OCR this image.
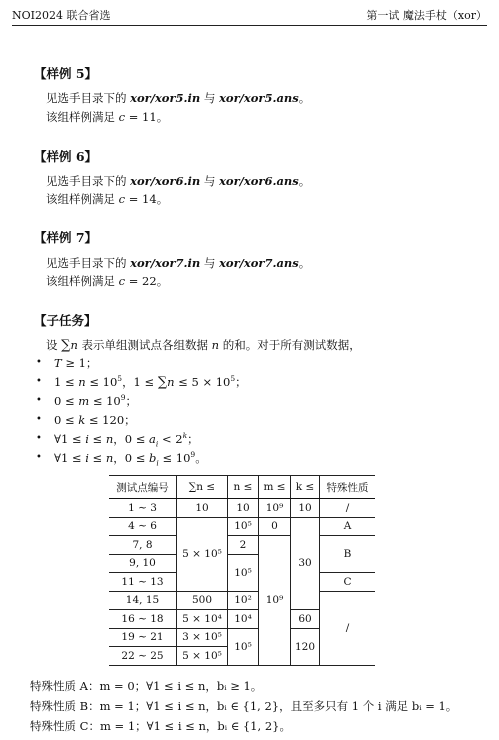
NOI2024 联合省选	第一试 魔法手杖（xor）
【样例 5】
见选手目录下的 xor/xor5.in 与 xor/xor5.ans。
该组样例满足 c = 11。
【样例 6】
见选手目录下的 xor/xor6.in 与 xor/xor6.ans。
该组样例满足 c = 14。
【样例 7】
见选手目录下的 xor/xor7.in 与 xor/xor7.ans。
该组样例满足 c = 22。
【子任务】
设 ∑n 表示单组测试点各组数据 n 的和。对于所有测试数据，
• T ≥ 1；
• $1 \le n \le 10^5$，$1 \le \sum n \le 5 \times 10^5$；
• $0 \le m \le 10^9$；
• 0 ≤ k ≤ 120；
• ∀1 ≤ i ≤ n，$0 \le a_i < 2^k$；
• ∀1 ≤ i ≤ n，$0 \le b_i \le 10^9$。
测试点编号	∑n ≤	n ≤	m ≤	k ≤	特殊性质
1 ∼ 3	10	10	10⁹	10	/
4 ∼ 6	5 × 10⁵	10⁵	0	30	A
7, 8		2	10⁹		B
9, 10		10⁵			
11 ∼ 13					C
14, 15	500	10²			/
16 ∼ 18	5 × 10⁴	10⁴		60	
19 ∼ 21	3 × 10⁵	10⁵		120	
22 ∼ 25	5 × 10⁵				
特殊性质 A：m = 0；∀1 ≤ i ≤ n，bᵢ ≥ 1。
特殊性质 B：m = 1；∀1 ≤ i ≤ n，bᵢ ∈ {1, 2}，且至多只有 1 个 i 满足 bᵢ = 1。
特殊性质 C：m = 1；∀1 ≤ i ≤ n，bᵢ ∈ {1, 2}。
